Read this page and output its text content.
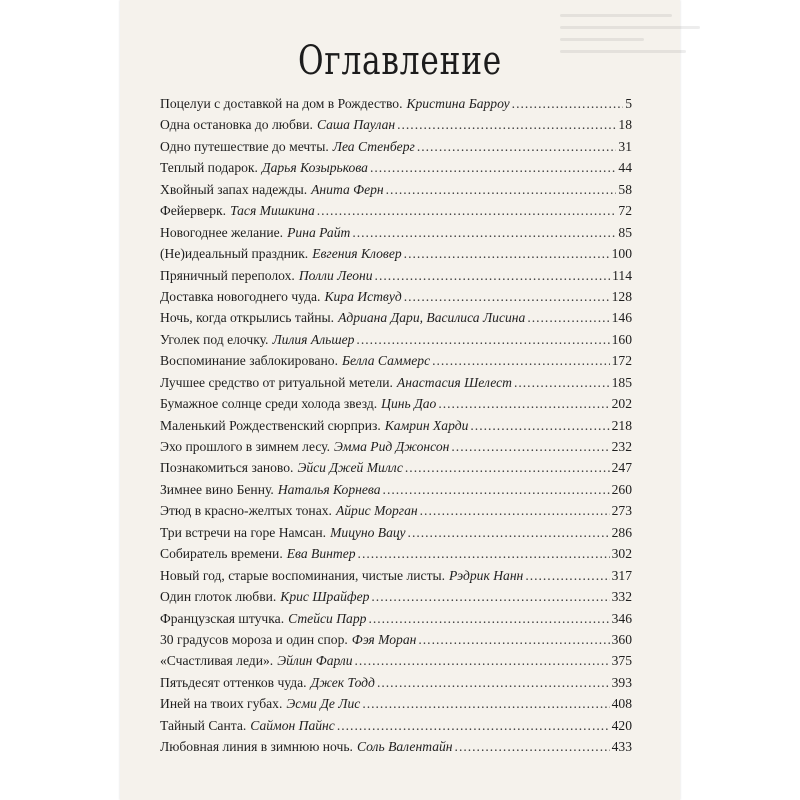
Оглавление
Поцелуи с доставкой на дом в Рождество. Кристина Барроу .....	5
Одна остановка до любви. Саша Паулан .....	18
Одно путешествие до мечты. Леа Стенберг .....	31
Теплый подарок. Дарья Козырькова .....	44
Хвойный запах надежды. Анита Ферн .....	58
Фейерверк. Тася Мишкина .....	72
Новогоднее желание. Рина Райт .....	85
(Не)идеальный праздник. Евгения Кловер .....	100
Пряничный переполох. Полли Леони .....	114
Доставка новогоднего чуда. Кира Иствуд .....	128
Ночь, когда открылись тайны. Адриана Дари, Василиса Лисина .....	146
Уголек под елочку. Лилия Альшер .....	160
Воспоминание заблокировано. Белла Саммерс .....	172
Лучшее средство от ритуальной метели. Анастасия Шелест .....	185
Бумажное солнце среди холода звезд. Цинь Дао .....	202
Маленький Рождественский сюрприз. Камрин Харди .....	218
Эхо прошлого в зимнем лесу. Эмма Рид Джонсон .....	232
Познакомиться заново. Эйси Джей Миллс .....	247
Зимнее вино Бенну. Наталья Корнева .....	260
Этюд в красно-желтых тонах. Айрис Морган .....	273
Три встречи на горе Намсан. Мицуно Вацу .....	286
Собиратель времени. Ева Винтер .....	302
Новый год, старые воспоминания, чистые листы. Рэдрик Нанн .....	317
Один глоток любви. Крис Шрайфер .....	332
Французская штучка. Стейси Парр .....	346
30 градусов мороза и один спор. Фэя Моран .....	360
«Счастливая леди». Эйлин Фарли .....	375
Пятьдесят оттенков чуда. Джек Тодд .....	393
Иней на твоих губах. Эсми Де Лис .....	408
Тайный Санта. Саймон Пайнс .....	420
Любовная линия в зимнюю ночь. Соль Валентайн .....	433
